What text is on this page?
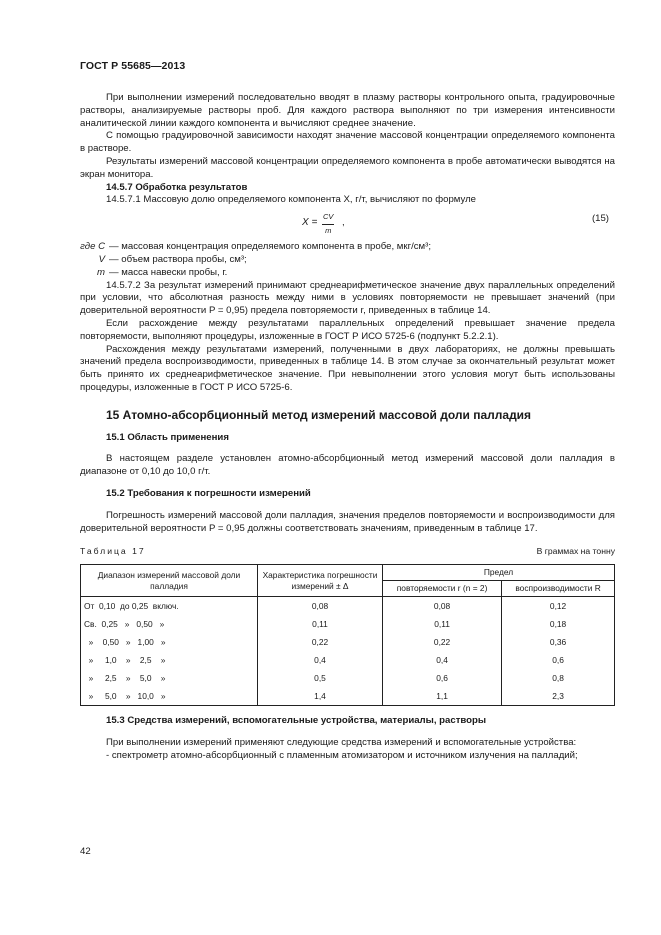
ГОСТ Р 55685—2013

При выполнении измерений последовательно вводят в плазму растворы контрольного опыта, градуировочные растворы, анализируемые растворы проб. Для каждого раствора выполняют по три измерения интенсивности аналитической линии каждого компонента и вычисляют среднее значение.

С помощью градуировочной зависимости находят значение массовой концентрации определяемого компонента в растворе.

Результаты измерений массовой концентрации определяемого компонента в пробе автоматически выводятся на экран монитора.

14.5.7 Обработка результатов

14.5.7.1 Массовую долю определяемого компонента X, г/т, вычисляют по формуле

$X = \frac{CV}{m}$ ,	(15)
где C — массовая концентрация определяемого компонента в пробе, мкг/см³;
V — объем раствора пробы, см³;
m — масса навески пробы, г.

14.5.7.2 За результат измерений принимают среднеарифметическое значение двух параллельных определений при условии, что абсолютная разность между ними в условиях повторяемости не превышает значений (при доверительной вероятности P = 0,95) предела повторяемости r, приведенных в таблице 14.

Если расхождение между результатами параллельных определений превышает значение предела повторяемости, выполняют процедуры, изложенные в ГОСТ Р ИСО 5725-6 (подпункт 5.2.2.1).

Расхождения между результатами измерений, полученными в двух лабораториях, не должны превышать значений предела воспроизводимости, приведенных в таблице 14. В этом случае за окончательный результат может быть принято их среднеарифметическое значение. При невыполнении этого условия могут быть использованы процедуры, изложенные в ГОСТ Р ИСО 5725-6.

15 Атомно-абсорбционный метод измерений массовой доли палладия

15.1 Область применения

В настоящем разделе установлен атомно-абсорбционный метод измерений массовой доли палладия в диапазоне от 0,10 до 10,0 г/т.

15.2 Требования к погрешности измерений

Погрешность измерений массовой доли палладия, значения пределов повторяемости и воспроизводимости для доверительной вероятности P = 0,95 должны соответствовать значениям, приведенным в таблице 17.

Таблица 17	В граммах на тонну
Диапазон измерений массовой доли палладия	Характеристика погрешности измерений ± Δ	Предел	
		повторяемости r (n = 2)	воспроизводимости R
От  0,10  до 0,25  включ.	0,08	0,08	0,12
Св.  0,25   »   0,50   »	0,11	0,11	0,18
»    0,50   »   1,00   »	0,22	0,22	0,36
»     1,0    »    2,5    »	0,4	0,4	0,6
»     2,5    »    5,0    »	0,5	0,6	0,8
»     5,0    »   10,0   »	1,4	1,1	2,3

15.3 Средства измерений, вспомогательные устройства, материалы, растворы

При выполнении измерений применяют следующие средства измерений и вспомогательные устройства:

- спектрометр атомно-абсорбционный с пламенным атомизатором и источником излучения на палладий;

42
